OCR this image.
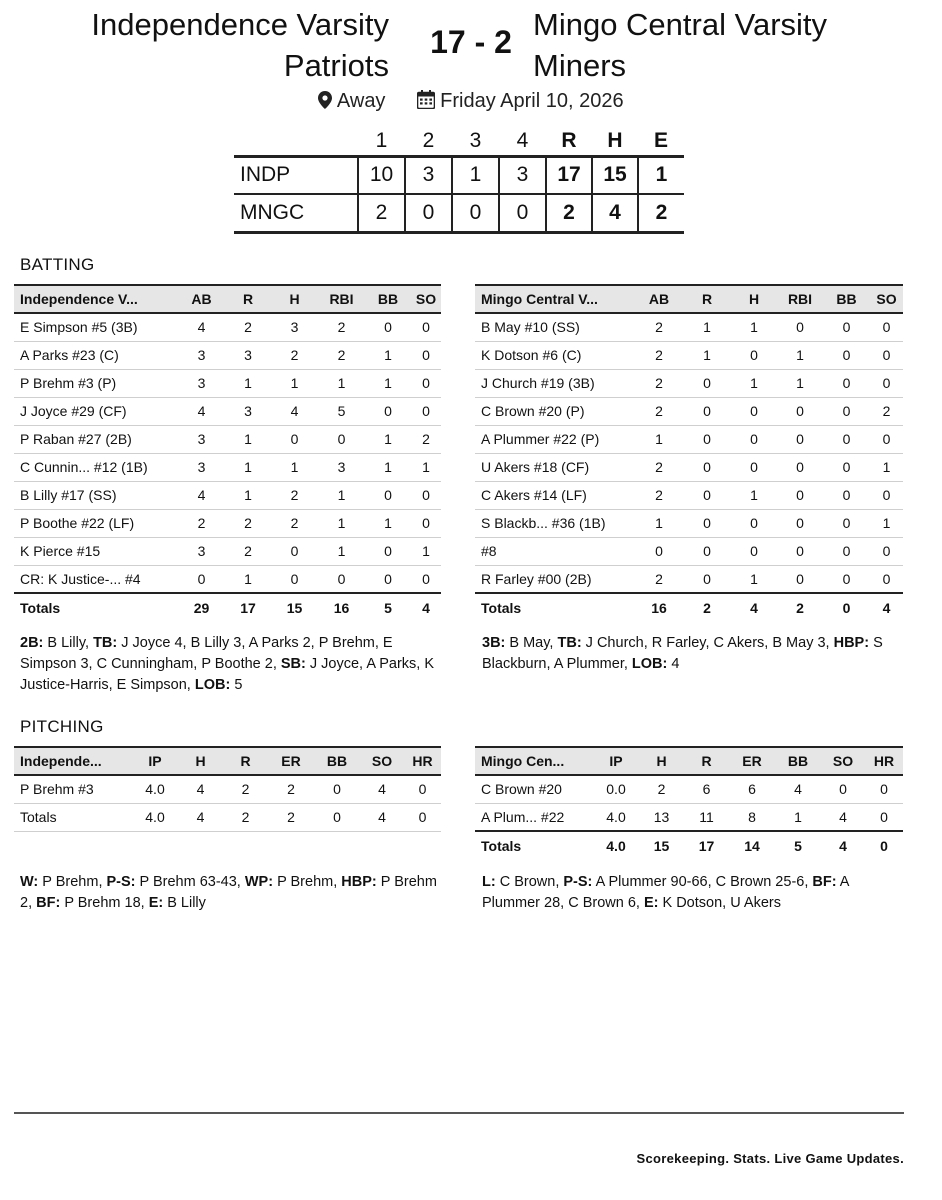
Independence Varsity
Patriots
17 - 2 Mingo Central Varsity
Miners
Away	Friday April 10, 2026
	1	2	3	4	R	H	E
INDP	10	3	1	3	17	15	1
MNGC	2	0	0	0	2	4	2
BATTING
Independence V...	AB	R	H	RBI	BB	SO
E Simpson #5 (3B)	4	2	3	2	0	0
A Parks #23 (C)	3	3	2	2	1	0
P Brehm #3 (P)	3	1	1	1	1	0
J Joyce #29 (CF)	4	3	4	5	0	0
P Raban #27 (2B)	3	1	0	0	1	2
C Cunnin... #12 (1B)	3	1	1	3	1	1
B Lilly #17 (SS)	4	1	2	1	0	0
P Boothe #22 (LF)	2	2	2	1	1	0
K Pierce #15	3	2	0	1	0	1
CR: K Justice-... #4	0	1	0	0	0	0
Totals	29	17	15	16	5	4
Mingo Central V...	AB	R	H	RBI	BB	SO
B May #10 (SS)	2	1	1	0	0	0
K Dotson #6 (C)	2	1	0	1	0	0
J Church #19 (3B)	2	0	1	1	0	0
C Brown #20 (P)	2	0	0	0	0	2
A Plummer #22 (P)	1	0	0	0	0	0
U Akers #18 (CF)	2	0	0	0	0	1
C Akers #14 (LF)	2	0	1	0	0	0
S Blackb... #36 (1B)	1	0	0	0	0	1
#8	0	0	0	0	0	0
R Farley #00 (2B)	2	0	1	0	0	0
Totals	16	2	4	2	0	4
2B: B Lilly, TB: J Joyce 4, B Lilly 3, A Parks 2, P Brehm, E Simpson 3, C Cunningham, P Boothe 2, SB: J Joyce, A Parks, K Justice-Harris, E Simpson, LOB: 5
3B: B May, TB: J Church, R Farley, C Akers, B May 3, HBP: S Blackburn, A Plummer, LOB: 4
PITCHING
Independe...	IP	H	R	ER	BB	SO	HR
P Brehm #3	4.0	4	2	2	0	4	0
Totals	4.0	4	2	2	0	4	0
Mingo Cen...	IP	H	R	ER	BB	SO	HR
C Brown #20	0.0	2	6	6	4	0	0
A Plum... #22	4.0	13	11	8	1	4	0
Totals	4.0	15	17	14	5	4	0
W: P Brehm, P-S: P Brehm 63-43, WP: P Brehm, HBP: P Brehm 2, BF: P Brehm 18, E: B Lilly
L: C Brown, P-S: A Plummer 90-66, C Brown 25-6, BF: A Plummer 28, C Brown 6, E: K Dotson, U Akers
Scorekeeping. Stats. Live Game Updates.
